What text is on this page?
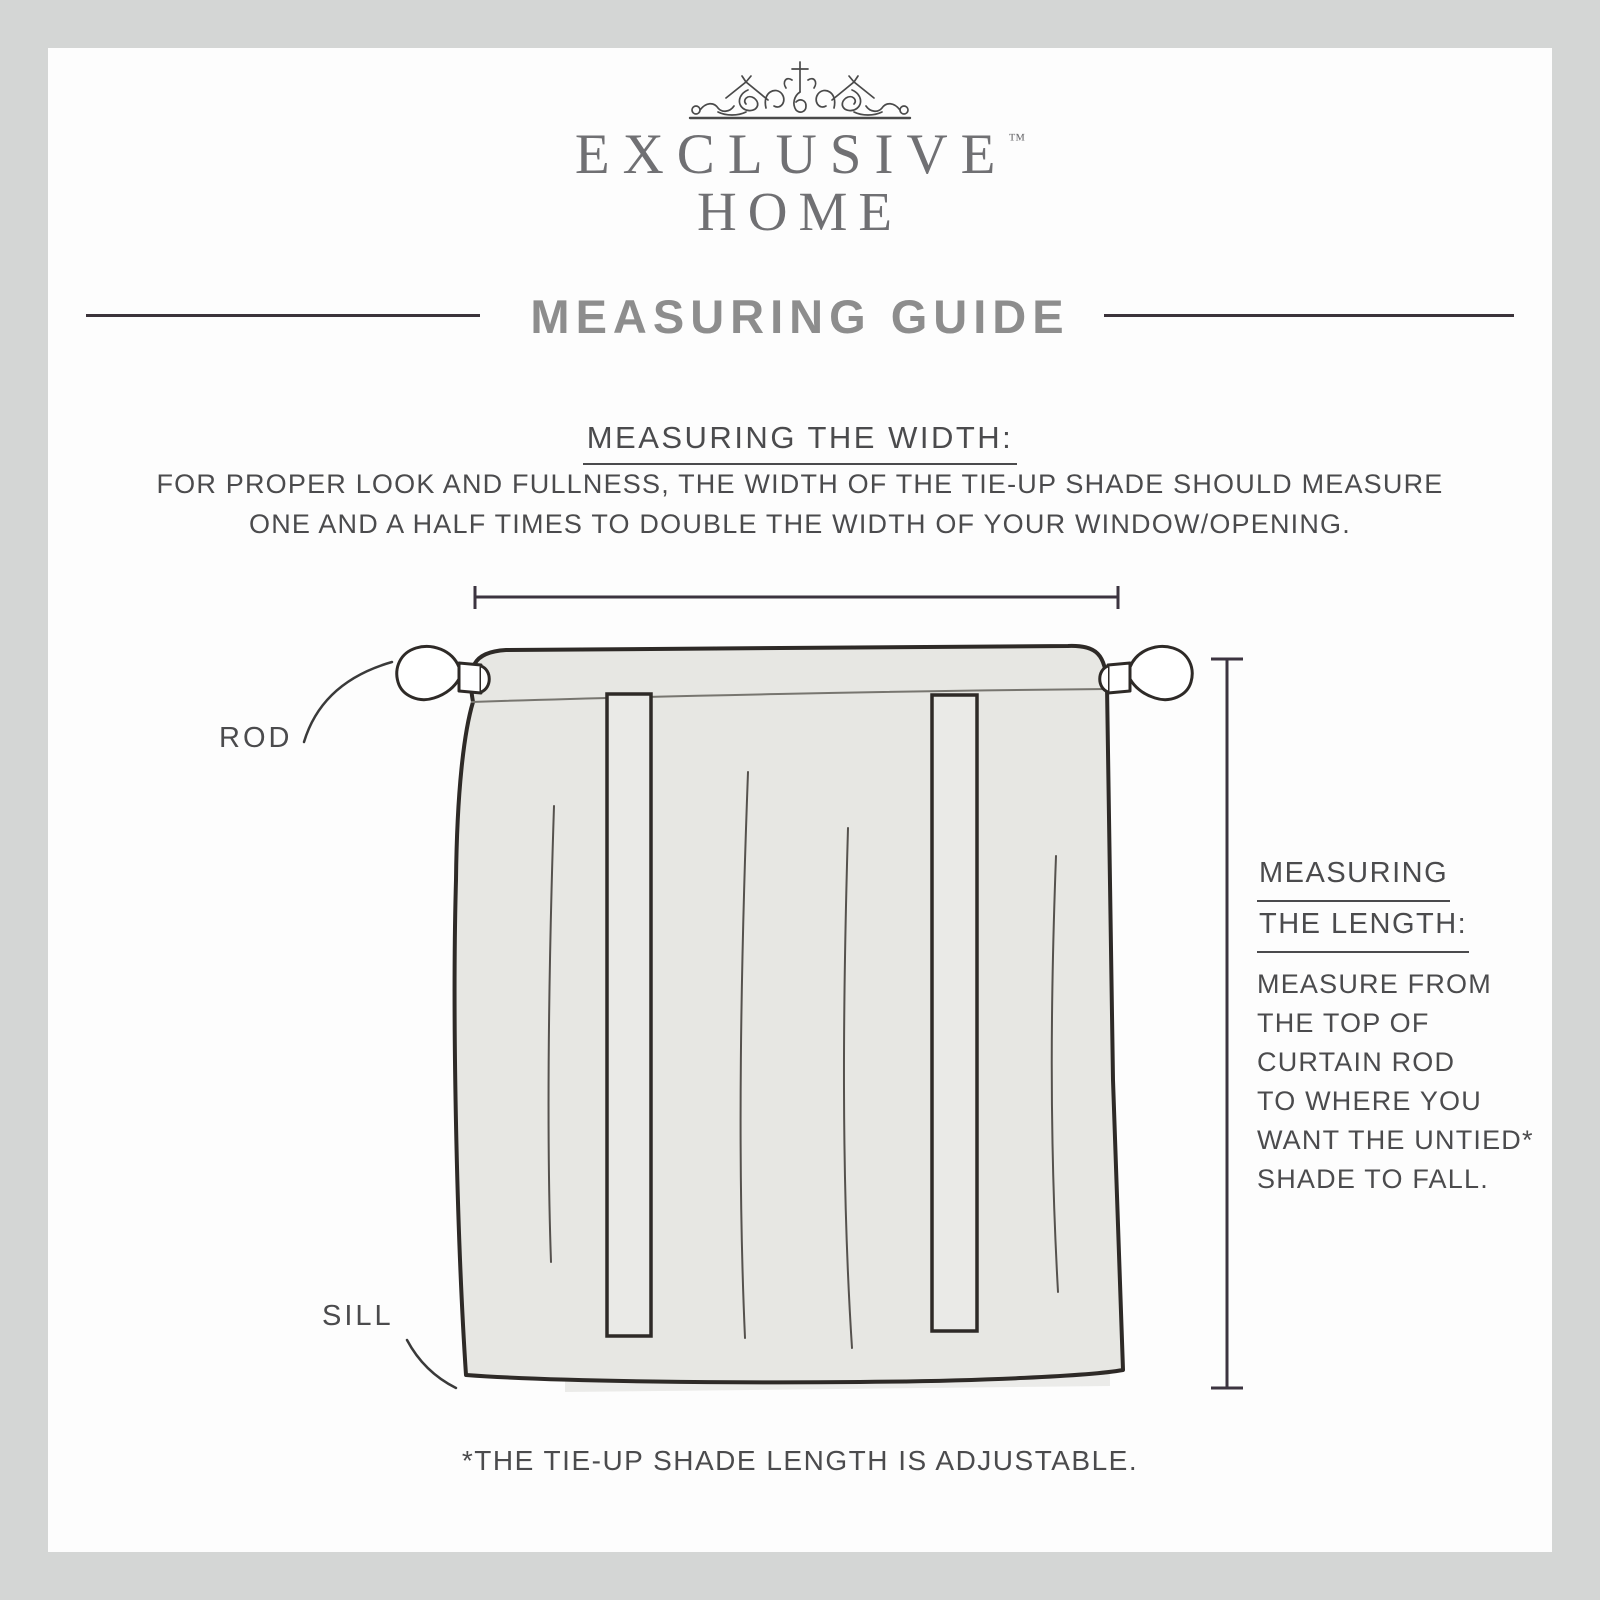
EXCLUSIVE™
HOME
MEASURING GUIDE
MEASURING THE WIDTH:
FOR PROPER LOOK AND FULLNESS, THE WIDTH OF THE TIE-UP SHADE SHOULD MEASURE
ONE AND A HALF TIMES TO DOUBLE THE WIDTH OF YOUR WINDOW/OPENING.
ROD
SILL
MEASURING
THE LENGTH:
MEASURE FROM
THE TOP OF
CURTAIN ROD
TO WHERE YOU
WANT THE UNTIED*
SHADE TO FALL.
*THE TIE-UP SHADE LENGTH IS ADJUSTABLE.
